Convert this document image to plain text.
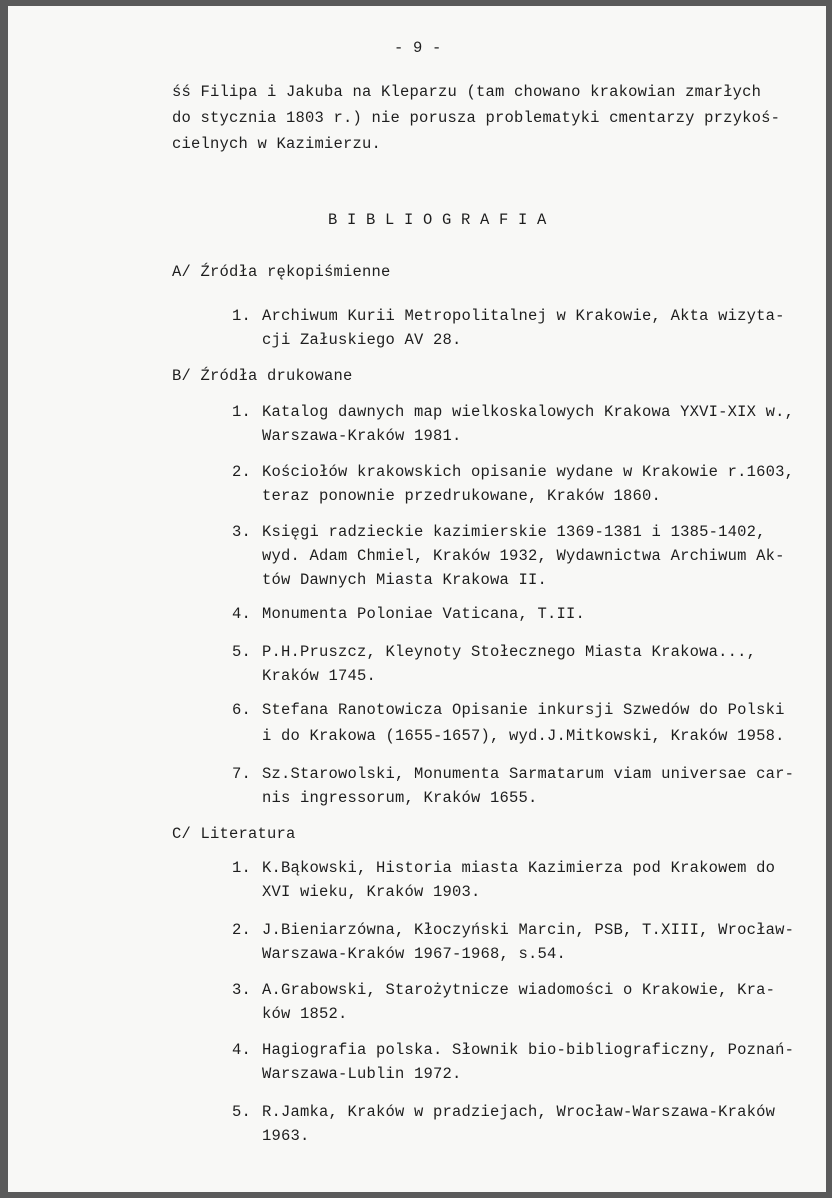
- 9 -
śś Filipa i Jakuba na Kleparzu (tam chowano krakowian zmarłych
do stycznia 1803 r.) nie porusza problematyki cmentarzy przykoś-
cielnych w Kazimierzu.
B I B L I O G R A F I A
A/ Źródła rękopiśmienne
1. Archiwum Kurii Metropolitalnej w Krakowie, Akta wizyta-
cji Załuskiego AV 28.
B/ Źródła drukowane
1. Katalog dawnych map wielkoskalowych Krakowa YXVI-XIX w.,
Warszawa-Kraków 1981.
2. Kościołów krakowskich opisanie wydane w Krakowie r.1603,
teraz ponownie przedrukowane, Kraków 1860.
3. Księgi radzieckie kazimierskie 1369-1381 i 1385-1402,
wyd. Adam Chmiel, Kraków 1932, Wydawnictwa Archiwum Ak-
tów Dawnych Miasta Krakowa II.
4. Monumenta Poloniae Vaticana, T.II.
5. P.H.Pruszcz, Kleynoty Stołecznego Miasta Krakowa...,
Kraków 1745.
6. Stefana Ranotowicza Opisanie inkursji Szwedów do Polski
i do Krakowa (1655-1657), wyd.J.Mitkowski, Kraków 1958.
7. Sz.Starowolski, Monumenta Sarmatarum viam universae car-
nis ingressorum, Kraków 1655.
C/ Literatura
1. K.Bąkowski, Historia miasta Kazimierza pod Krakowem do
XVI wieku, Kraków 1903.
2. J.Bieniarzówna, Kłoczyński Marcin, PSB, T.XIII, Wrocław-
Warszawa-Kraków 1967-1968, s.54.
3. A.Grabowski, Starożytnicze wiadomości o Krakowie, Kra-
ków 1852.
4. Hagiografia polska. Słownik bio-bibliograficzny, Poznań-
Warszawa-Lublin 1972.
5. R.Jamka, Kraków w pradziejach, Wrocław-Warszawa-Kraków
1963.
